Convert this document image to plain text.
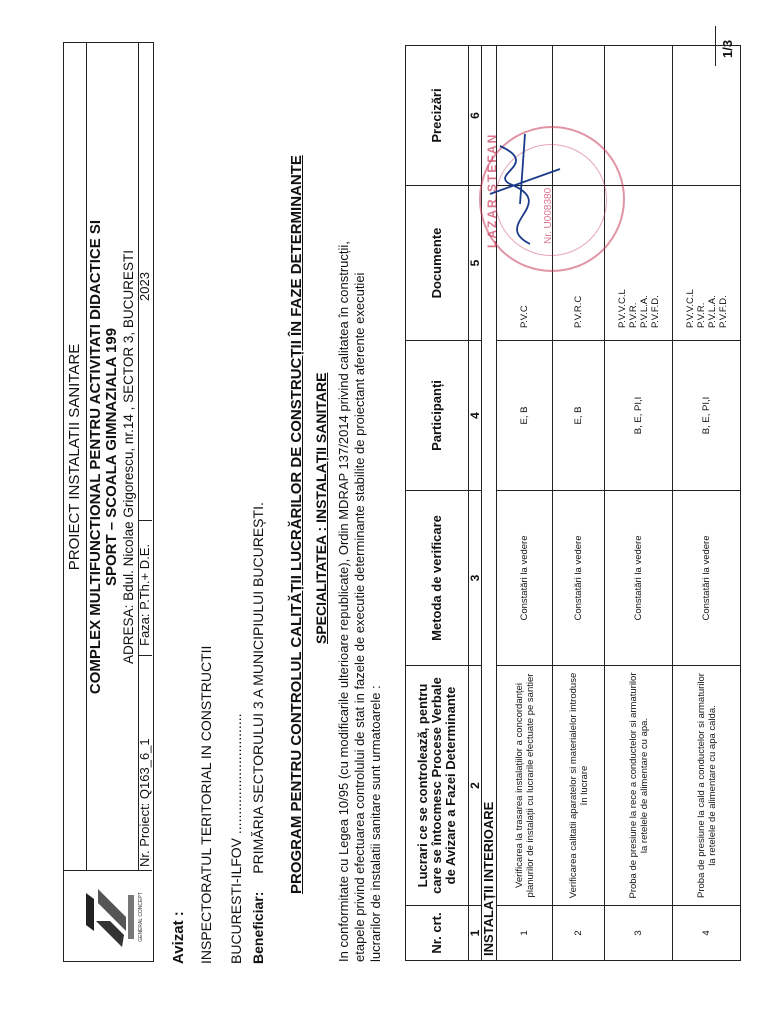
GENERAL CONCEPT
PROIECT INSTALATII SANITARE COMPLEX MULTIFUNCTIONAL PENTRU ACTIVITATI DIDACTICE SI SPORT – SCOALA GIMNAZIALA 199 ADRESA: Bdul. Nicolae Grigorescu, nr.14 , SECTOR 3, BUCURESTI
Nr. Proiect: Q163_6_1
Faza: P.Th.+ D.E.
2023
Avizat : INSPECTORATUL TERITORIAL IN CONSTRUCTII BUCURESTI-ILFOV ............................... Beneficiar: PRIMĂRIA SECTORULUI 3 A MUNICIPIULUI BUCUREȘTI. PROGRAM PENTRU CONTROLUL CALITĂȚII LUCRĂRILOR DE CONSTRUCȚII ÎN FAZE DETERMINANTE SPECIALITATEA : INSTALAȚII SANITARE In conformitate cu Legea 10/95 (cu modificarile ulterioare republicate), Ordin MDRAP 137/2014 privind calitatea în construcții, etapele privind efectuarea controlului de stat in fazele de executie determinante stabilite de proiectant aferente executiei lucrarilor de instalatii sanitare sunt urmatoarele :	Nr. crt.	Lucrari ce se controlează, pentru care se întocmesc Procese Verbale de Avizare a Fazei Determinante	Metoda de verificare	Participanți	Documente	Precizări
1	2	3	4	5	6
INSTALAȚII INTERIOARE					
1	Verificarea la trasarea instalațiilor a concordanței planurilor de instalații cu lucrarile efectuate pe santier	Constatări la vedere	E, B	P.V.C	

2	Verificarea calitatii aparatelor si materialelor introduse în lucrare	Constatări la vedere	E, B	P.V.R.C	

3	Proba de presiune la rece a conductelor si armaturilor la retelele de alimentare cu apa.	Constatări la vedere	B, E, PI,I	P.V.V.C.L P.V.R. P.V.L.A. P.V.F.D.	

4	Proba de presiune la cald a conductelor si armaturilor la retelele de alimentare cu apa calda.	Constatări la vedere	B, E, PI,I	P.V.V.C.L P.V.R. P.V.L.A. P.V.F.D.	

LAZAR STEFAN	Nr. U008380
1/3
